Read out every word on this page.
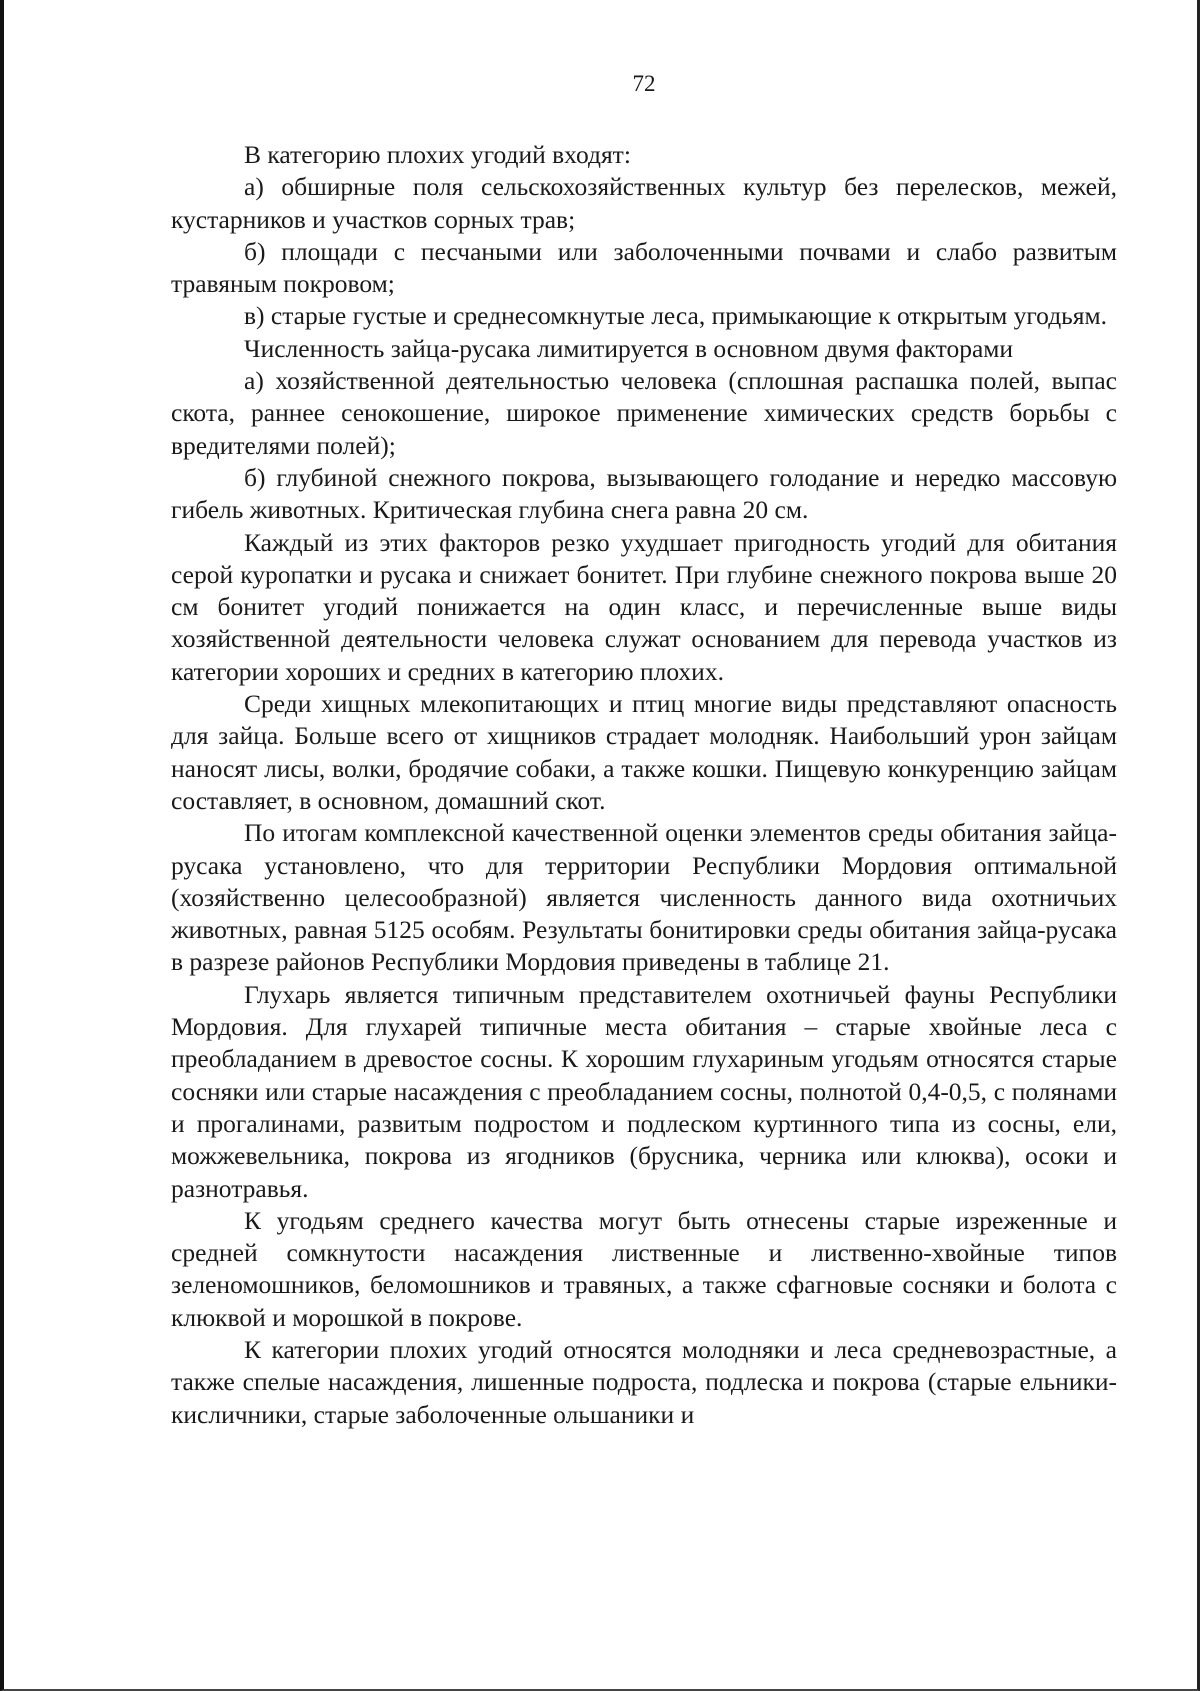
72

В категорию плохих угодий входят:

а) обширные поля сельскохозяйственных культур без перелесков, межей, кустарников и участков сорных трав;

б) площади с песчаными или заболоченными почвами и слабо развитым травяным покровом;

в) старые густые и среднесомкнутые леса, примыкающие к открытым угодьям.

Численность зайца-русака лимитируется в основном двумя факторами

а) хозяйственной деятельностью человека (сплошная распашка полей, выпас скота, раннее сенокошение, широкое применение химических средств борьбы с вредителями полей);

б) глубиной снежного покрова, вызывающего голодание и нередко массовую гибель животных. Критическая глубина снега равна 20 см.

Каждый из этих факторов резко ухудшает пригодность угодий для обитания серой куропатки и русака и снижает бонитет. При глубине снежного покрова выше 20 см бонитет угодий понижается на один класс, и перечисленные выше виды хозяйственной деятельности человека служат основанием для перевода участков из категории хороших и средних в категорию плохих.

Среди хищных млекопитающих и птиц многие виды представляют опасность для зайца. Больше всего от хищников страдает молодняк. Наибольший урон зайцам наносят лисы, волки, бродячие собаки, а также кошки. Пищевую конкуренцию зайцам составляет, в основном, домашний скот.

По итогам комплексной качественной оценки элементов среды обитания зайца-русака установлено, что для территории Республики Мордовия оптимальной (хозяйственно целесообразной) является численность данного вида охотничьих животных, равная 5125 особям. Результаты бонитировки среды обитания зайца-русака в разрезе районов Республики Мордовия приведены в таблице 21.

Глухарь является типичным представителем охотничьей фауны Республики Мордовия. Для глухарей типичные места обитания – старые хвойные леса с преобладанием в древостое сосны. К хорошим глухариным угодьям относятся старые сосняки или старые насаждения с преобладанием сосны, полнотой 0,4-0,5, с полянами и прогалинами, развитым подростом и подлеском куртинного типа из сосны, ели, можжевельника, покрова из ягодников (брусника, черника или клюква), осоки и разнотравья.

К угодьям среднего качества могут быть отнесены старые изреженные и средней сомкнутости насаждения лиственные и лиственно-хвойные типов зеленомошников, беломошников и травяных, а также сфагновые сосняки и болота с клюквой и морошкой в покрове.

К категории плохих угодий относятся молодняки и леса средневозрастные, а также спелые насаждения, лишенные подроста, подлеска и покрова (старые ельники-кисличники, старые заболоченные ольшаники и
